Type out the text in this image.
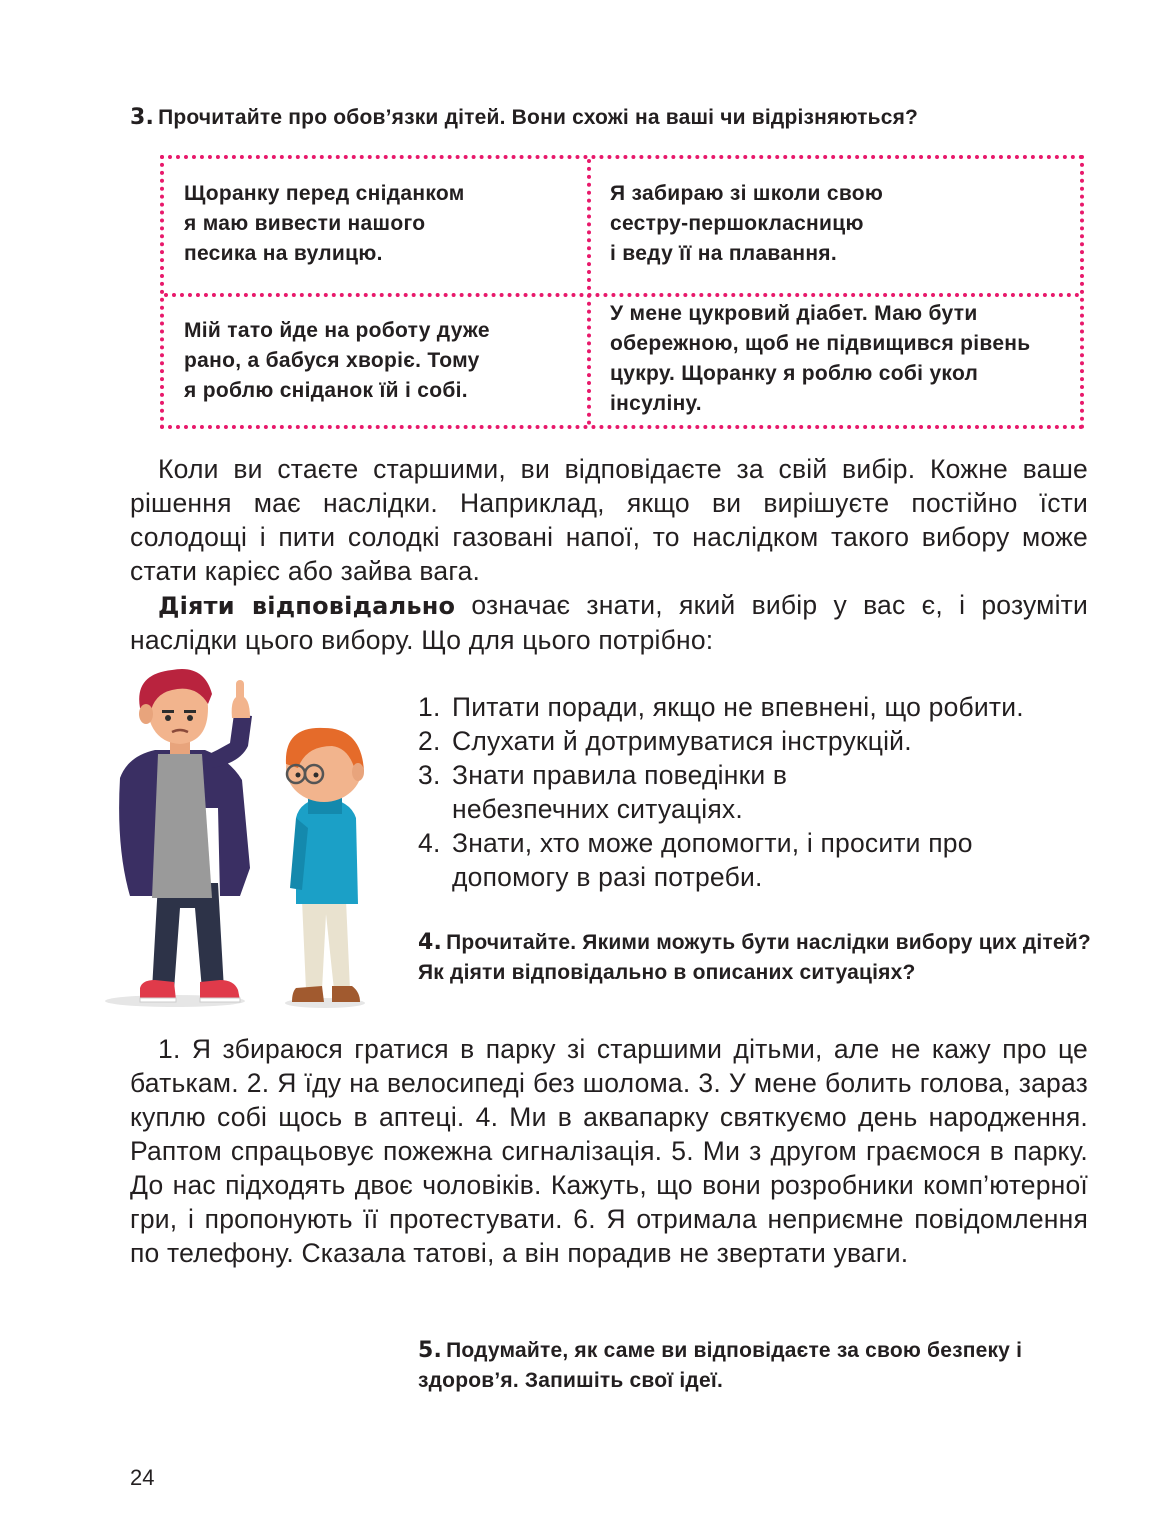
3. Прочитайте про обов’язки дітей. Вони схожі на ваші чи відрізняються?

Щоранку перед сніданком
я маю вивести нашого
песика на вулицю.

Я забираю зі школи свою
сестру-першокласницю
і веду її на плавання.

Мій тато йде на роботу дуже
рано, а бабуся хворіє. Тому
я роблю сніданок їй і собі.

У мене цукровий діабет. Маю бути
обережною, щоб не підвищився рівень
цукру. Щоранку я роблю собі укол
інсуліну.

Коли ви стаєте старшими, ви відповідаєте за свій вибір. Кожне ваше рішення має наслідки. Наприклад, якщо ви вирішуєте постійно їсти солодощі і пити солодкі газовані напої, то наслідком такого вибору може стати карієс або зайва вага.

Діяти відповідально означає знати, який вибір у вас є, і розуміти наслідки цього вибору. Що для цього потрібно:

1. Питати поради, якщо не впевнені, що робити.
2. Слухати й дотримуватися інструкцій.
3. Знати правила поведінки в небезпечних ситуаціях.
4. Знати, хто може допомогти, і просити про допомогу в разі потреби.
4. Прочитайте. Якими можуть бути наслідки вибору цих дітей? Як діяти відповідально в описаних ситуаціях?

1. Я збираюся гратися в парку зі старшими дітьми, але не кажу про це батькам. 2. Я їду на велосипеді без шолома. 3. У мене болить голова, зараз куплю собі щось в аптеці. 4. Ми в аквапарку святкуємо день народження. Раптом спрацьовує пожежна сигналізація. 5. Ми з другом граємося в парку. До нас підходять двоє чоловіків. Кажуть, що вони розробники комп’ютерної гри, і пропонують її протестувати. 6. Я отримала неприємне повідомлення по телефону. Сказала татові, а він порадив не звертати уваги.

5. Подумайте, як саме ви відповідаєте за свою безпеку і здоров’я. Запишіть свої ідеї.
24
